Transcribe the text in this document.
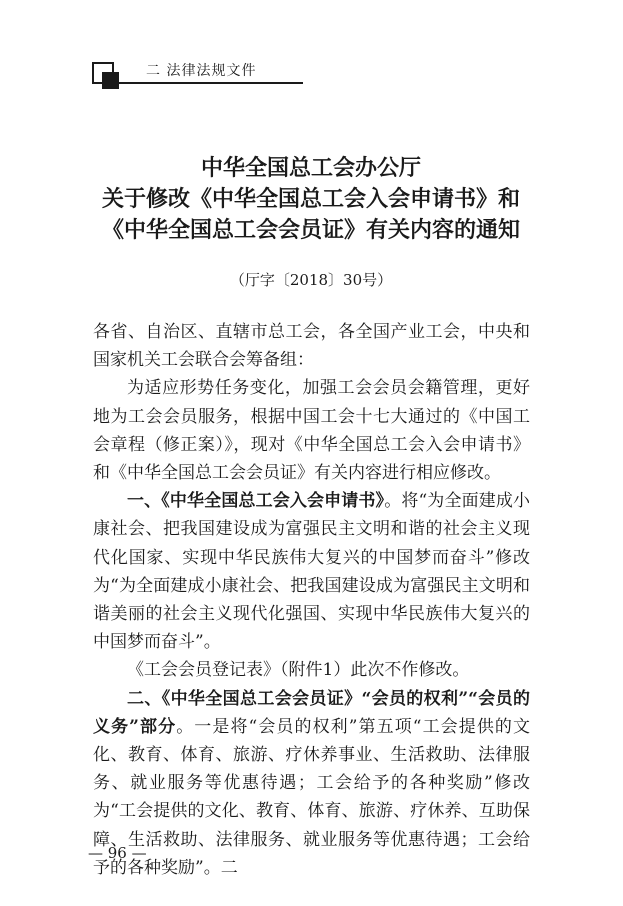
二 法律法规文件
中华全国总工会办公厅
关于修改《中华全国总工会入会申请书》和
《中华全国总工会会员证》有关内容的通知
（厅字〔2018〕30号）

各省、自治区、直辖市总工会，各全国产业工会，中央和国家机关工会联合会筹备组：

为适应形势任务变化，加强工会会员会籍管理，更好地为工会会员服务，根据中国工会十七大通过的《中国工会章程（修正案）》，现对《中华全国总工会入会申请书》和《中华全国总工会会员证》有关内容进行相应修改。

一、《中华全国总工会入会申请书》。将“为全面建成小康社会、把我国建设成为富强民主文明和谐的社会主义现代化国家、实现中华民族伟大复兴的中国梦而奋斗”修改为“为全面建成小康社会、把我国建设成为富强民主文明和谐美丽的社会主义现代化强国、实现中华民族伟大复兴的中国梦而奋斗”。

《工会会员登记表》（附件1）此次不作修改。

二、《中华全国总工会会员证》“会员的权利”“会员的义务”部分。一是将“会员的权利”第五项“工会提供的文化、教育、体育、旅游、疗休养事业、生活救助、法律服务、就业服务等优惠待遇；工会给予的各种奖励”修改为“工会提供的文化、教育、体育、旅游、疗休养、互助保障、生活救助、法律服务、就业服务等优惠待遇；工会给予的各种奖励”。二

— 96 —
